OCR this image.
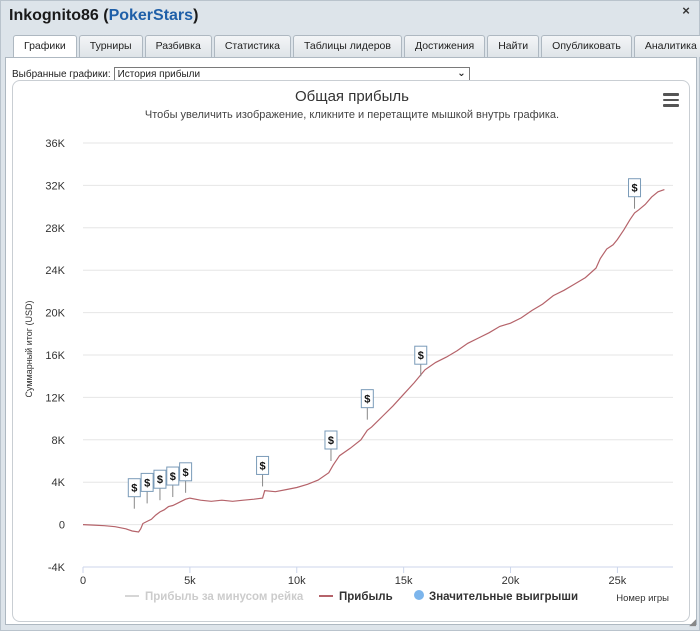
Inkognito86 (PokerStars)	×
Графики	Турниры	Разбивка	Статистика	Таблицы лидеров	Достижения	Найти	Опубликовать	Аналитика
Выбранные графики: История прибыли	⌄
Общая прибыль
Чтобы увеличить изображение, кликните и перетащите мышкой внутрь графика.
-4K
0
4K
8K
12K
16K
20K
24K
28K
32K
36K
0	5k	10k	15k	20k	25k
Суммарный итог (USD)
Номер игры
$ $ $ $ $
$
$
$
$
$
Прибыль за минусом рейка	Прибыль	Значительные выигрыши
◢
